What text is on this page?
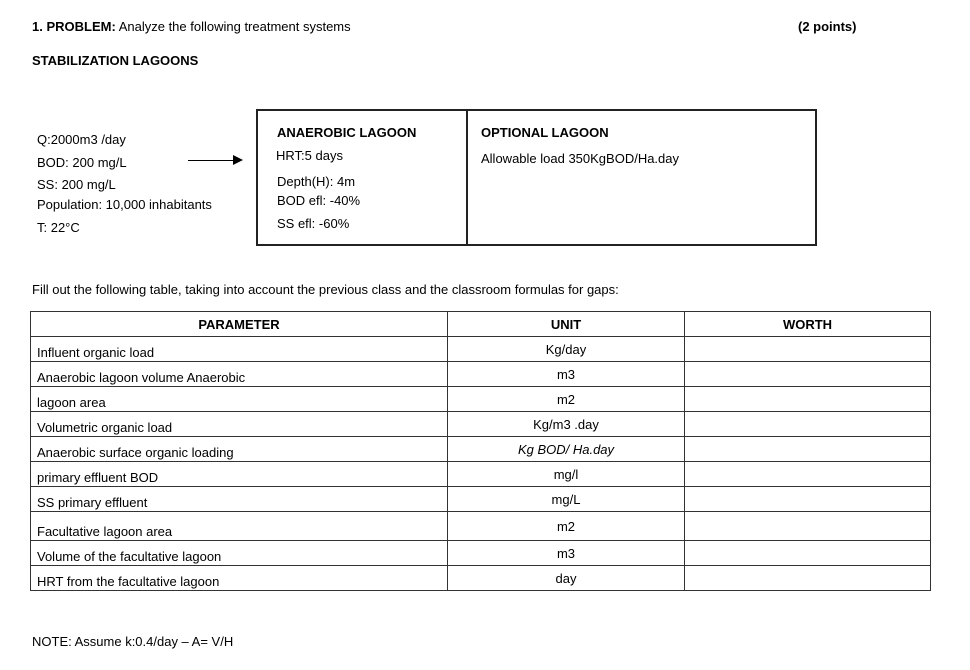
1. PROBLEM: Analyze the following treatment systems	(2 points)
STABILIZATION LAGOONS
Q:2000m3 /day
BOD: 200 mg/L
SS: 200 mg/L
Population: 10,000 inhabitants
T: 22°C
ANAEROBIC LAGOON
HRT:5 days
Depth(H): 4m
BOD efl: -40%
SS efl: -60%
OPTIONAL LAGOON
Allowable load 350KgBOD/Ha.day
Fill out the following table, taking into account the previous class and the classroom formulas for gaps:
PARAMETER	UNIT	WORTH
Influent organic load	Kg/day	
Anaerobic lagoon volume Anaerobic	m3	
lagoon area	m2	
Volumetric organic load	Kg/m3 .day	
Anaerobic surface organic loading	Kg BOD/ Ha.day	
primary effluent BOD	mg/l	
SS primary effluent	mg/L	
Facultative lagoon area	m2	
Volume of the facultative lagoon	m3	
HRT from the facultative lagoon	day	
NOTE: Assume k:0.4/day – A= V/H
